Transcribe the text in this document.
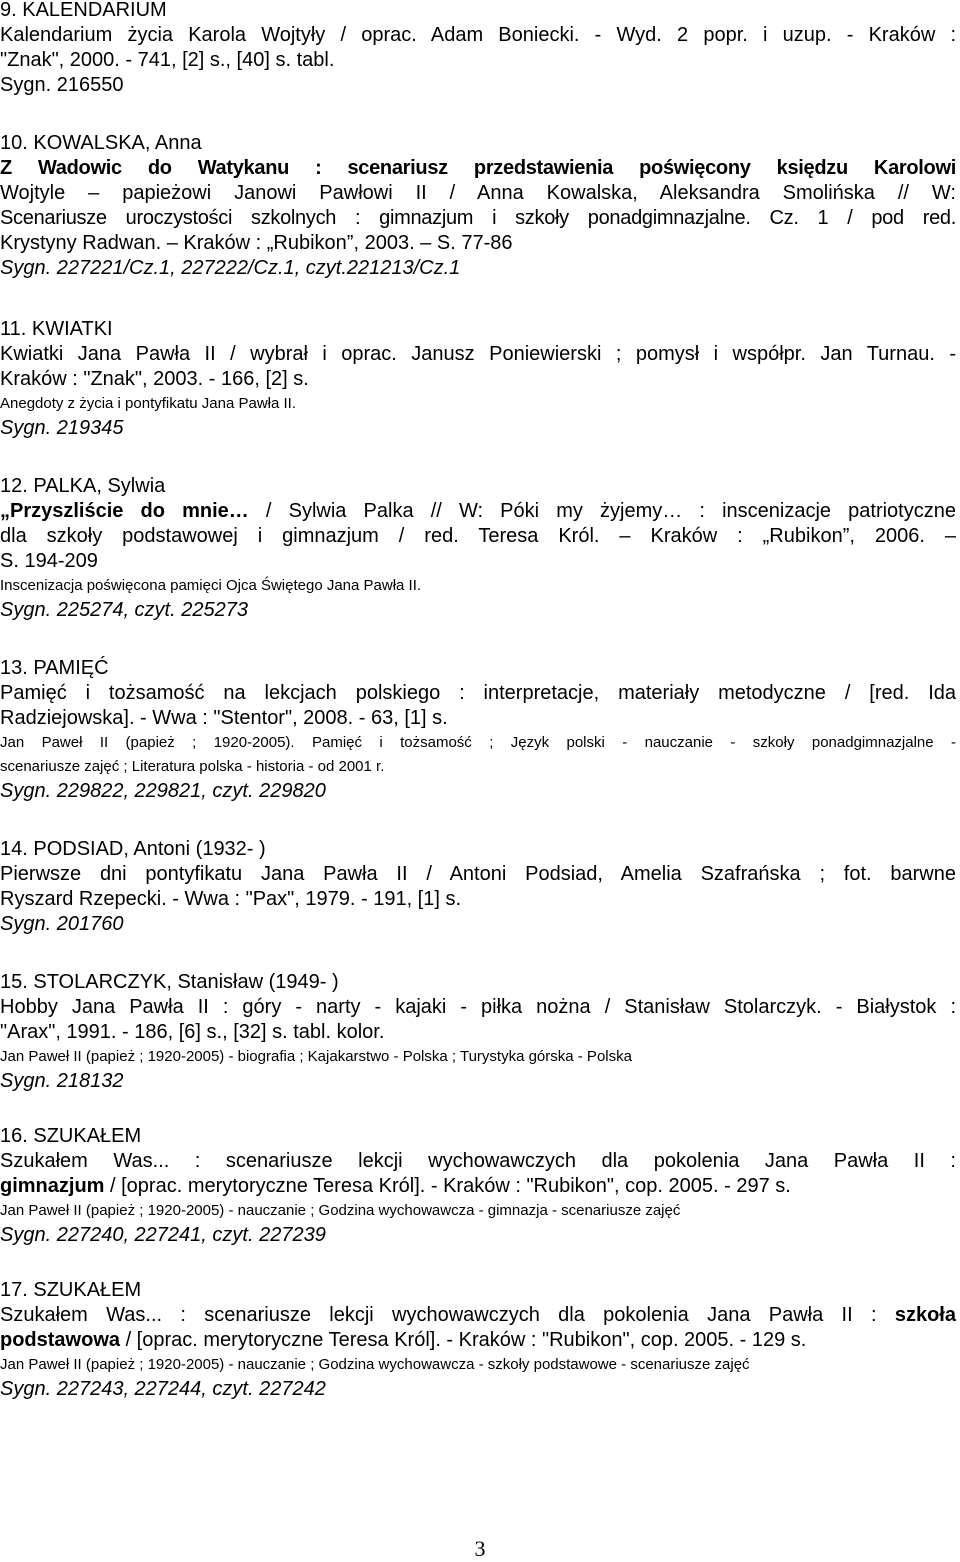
9. KALENDARIUM
Kalendarium życia Karola Wojtyły / oprac. Adam Boniecki. - Wyd. 2 popr. i uzup. - Kraków :
"Znak", 2000. - 741, [2] s., [40] s. tabl.
Sygn. 216550
10. KOWALSKA, Anna
Z Wadowic do Watykanu : scenariusz przedstawienia poświęcony księdzu Karolowi
Wojtyle – papieżowi Janowi Pawłowi II / Anna Kowalska, Aleksandra Smolińska // W:
Scenariusze uroczystości szkolnych : gimnazjum i szkoły ponadgimnazjalne. Cz. 1 / pod red.
Krystyny Radwan. – Kraków : „Rubikon”, 2003. – S. 77-86
Sygn. 227221/Cz.1, 227222/Cz.1, czyt.221213/Cz.1
11. KWIATKI
Kwiatki Jana Pawła II / wybrał i oprac. Janusz Poniewierski ; pomysł i współpr. Jan Turnau. -
Kraków : "Znak", 2003. - 166, [2] s.
Anegdoty z życia i pontyfikatu Jana Pawła II.
Sygn. 219345
12. PALKA, Sylwia
„Przyszliście do mnie… / Sylwia Palka // W: Póki my żyjemy… : inscenizacje patriotyczne
dla szkoły podstawowej i gimnazjum / red. Teresa Król. – Kraków : „Rubikon”, 2006. –
S. 194-209
Inscenizacja poświęcona pamięci Ojca Świętego Jana Pawła II.
Sygn. 225274, czyt. 225273
13. PAMIĘĆ
Pamięć i tożsamość na lekcjach polskiego : interpretacje, materiały metodyczne / [red. Ida
Radziejowska]. - Wwa : "Stentor", 2008. - 63, [1] s.
Jan Paweł II (papież ; 1920-2005). Pamięć i tożsamość ; Język polski - nauczanie - szkoły ponadgimnazjalne -
scenariusze zajęć ; Literatura polska - historia - od 2001 r.
Sygn. 229822, 229821, czyt. 229820
14. PODSIAD, Antoni (1932- )
Pierwsze dni pontyfikatu Jana Pawła II / Antoni Podsiad, Amelia Szafrańska ; fot. barwne
Ryszard Rzepecki. - Wwa : "Pax", 1979. - 191, [1] s.
Sygn. 201760
15. STOLARCZYK, Stanisław (1949- )
Hobby Jana Pawła II : góry - narty - kajaki - piłka nożna / Stanisław Stolarczyk. - Białystok :
"Arax", 1991. - 186, [6] s., [32] s. tabl. kolor.
Jan Paweł II (papież ; 1920-2005) - biografia ; Kajakarstwo - Polska ; Turystyka górska - Polska
Sygn. 218132
16. SZUKAŁEM
Szukałem Was... : scenariusze lekcji wychowawczych dla pokolenia Jana Pawła II :
gimnazjum / [oprac. merytoryczne Teresa Król]. - Kraków : "Rubikon", cop. 2005. - 297 s.
Jan Paweł II (papież ; 1920-2005) - nauczanie ; Godzina wychowawcza - gimnazja - scenariusze zajęć
Sygn. 227240, 227241, czyt. 227239
17. SZUKAŁEM
Szukałem Was... : scenariusze lekcji wychowawczych dla pokolenia Jana Pawła II : szkoła
podstawowa / [oprac. merytoryczne Teresa Król]. - Kraków : "Rubikon", cop. 2005. - 129 s.
Jan Paweł II (papież ; 1920-2005) - nauczanie ; Godzina wychowawcza - szkoły podstawowe - scenariusze zajęć
Sygn. 227243, 227244, czyt. 227242
3
